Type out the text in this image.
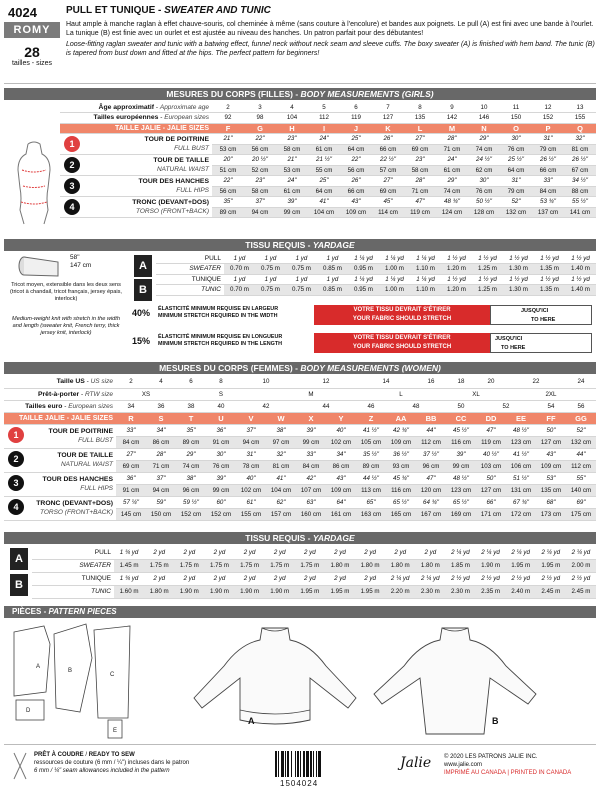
4024
ROMY
28
tailles - sizes
PULL ET TUNIQUE - SWEATER AND TUNIC
Haut ample à manche raglan à effet chauve-souris, col cheminée à même (sans couture à l'encolure) et bandes aux poignets. Le pull (A) est fini avec une bande à l'ourlet. La tunique (B) est finie avec un ourlet et est ajustée au niveau des hanches. Un patron parfait pour des débutantes!
Loose-fitting raglan sweater and tunic with a batwing effect, funnel neck without neck seam and sleeve cuffs. The boxy sweater (A) is finished with hem band. The tunic (B) is tapered from bust down and fitted at the hips. The perfect pattern for beginners!
MESURES DU CORPS (FILLES) - BODY MEASUREMENTS (GIRLS)
Âge approximatif - Approximate age	2	3	4	5	6	7	8	9	10	11	12	13
Tailles européennes - European sizes	92	98	104	112	119	127	135	142	146	150	152	155
TAILLE JALIE - JALIE SIZES	F	G	H	I	J	K	L	M	N	O	P	Q
TOUR DE POITRINE
FULL BUST
1	21"	22"	23"	24"	25"	26"	27"	28"	29"	30"	31"	32"
	53 cm	56 cm	58 cm	61 cm	64 cm	66 cm	69 cm	71 cm	74 cm	76 cm	79 cm	81 cm
TOUR DE TAILLE
NATURAL WAIST
2	20"	20 ½"	21"	21 ½"	22"	22 ½"	23"	24"	24 ½"	25 ½"	26 ½"	26 ½"
	51 cm	52 cm	53 cm	55 cm	56 cm	57 cm	58 cm	61 cm	62 cm	64 cm	66 cm	67 cm
TOUR DES HANCHES
FULL HIPS
3	22"	23"	24"	25"	26"	27"	28"	29"	30"	31"	33"	34 ½"
	56 cm	58 cm	61 cm	64 cm	66 cm	69 cm	71 cm	74 cm	76 cm	79 cm	84 cm	88 cm
TRONC (DEVANT+DOS)
TORSO (FRONT+BACK)
4	35"	37"	39"	41"	43"	45"	47"	48 ¾"	50 ½"	52"	53 ¾"	55 ½"
	89 cm	94 cm	99 cm	104 cm	109 cm	114 cm	119 cm	124 cm	128 cm	132 cm	137 cm	141 cm
TISSU REQUIS - YARDAGE
58"
147 cm
Tricot moyen, extensible dans les deux sens (tricot à chandail, tricot français, jersey épais, interlock)
Medium-weight knit with stretch in the width and length (sweater knit, French terry, thick jersey knit, interlock)
A
B
PULL	1 yd	1 yd	1 yd	1 yd	1 ¼ yd	1 ¼ yd	1 ¼ yd	1 ½ yd	1 ½ yd	1 ½ yd	1 ½ yd	1 ½ yd
SWEATER	0.70 m	0.75 m	0.75 m	0.85 m	0.95 m	1.00 m	1.10 m	1.20 m	1.25 m	1.30 m	1.35 m	1.40 m
TUNIQUE	1 yd	1 yd	1 yd	1 yd	1 ¼ yd	1 ¼ yd	1 ¼ yd	1 ½ yd	1 ½ yd	1 ½ yd	1 ½ yd	1 ½ yd
TUNIC	0.70 m	0.75 m	0.75 m	0.85 m	0.95 m	1.00 m	1.10 m	1.20 m	1.25 m	1.30 m	1.35 m	1.40 m
40% ÉLASTICITÉ MINIMUM REQUISE EN LARGEUR
MINIMUM STRETCH REQUIRED IN THE WIDTH
VOTRE TISSU DEVRAIT S'ÉTIRER
YOUR FABRIC SHOULD STRETCH
JUSQU'ICI
TO HERE
15% ÉLASTICITÉ MINIMUM REQUISE EN LONGUEUR
MINIMUM STRETCH REQUIRED IN THE LENGTH
VOTRE TISSU DEVRAIT S'ÉTIRER
YOUR FABRIC SHOULD STRETCH
JUSQU'ICI
TO HERE
MESURES DU CORPS (FEMMES) - BODY MEASUREMENTS (WOMEN)
Taille US - US size	2	4	6	8	10		12		14		16	18	20	22		24
Prêt-à-porter - RTW size	XS		S			M			L			XL		2XL		
Tailles euro - European sizes	34	36	38	40	42		44		46	48		50	52		54	56
TAILLE JALIE - JALIE SIZES	R	S	T	U	V	W	X	Y	Z	AA	BB	CC	DD	EE	FF	GG
TOUR DE POITRINE
FULL BUST
1	33"	34"	35"	36"	37"	38"	39"	40"	41 ½"	42 ¾"	44"	45 ½"	47"	48 ½"	50"	52"
	84 cm	86 cm	89 cm	91 cm	94 cm	97 cm	99 cm	102 cm	105 cm	109 cm	112 cm	116 cm	119 cm	123 cm	127 cm	132 cm
TOUR DE TAILLE
NATURAL WAIST
2	27"	28"	29"	30"	31"	32"	33"	34"	35 ½"	36 ½"	37 ½"	39"	40 ½"	41 ½"	43"	44"
	69 cm	71 cm	74 cm	76 cm	78 cm	81 cm	84 cm	86 cm	89 cm	93 cm	96 cm	99 cm	103 cm	106 cm	109 cm	112 cm
TOUR DES HANCHES
FULL HIPS
3	36"	37"	38"	39"	40"	41"	42"	43"	44 ½"	45 ¾"	47"	48 ½"	50"	51 ½"	53"	55"
	91 cm	94 cm	96 cm	99 cm	102 cm	104 cm	107 cm	109 cm	113 cm	116 cm	120 cm	123 cm	127 cm	131 cm	135 cm	140 cm
TRONC (DEVANT+DOS)
TORSO (FRONT+BACK)
4	57 ¼"	59"	59 ½"	60"	61"	62"	63"	64"	65"	65 ½"	64 ¾"	65 ½"	66"	67 ¾"	68"	69"
	145 cm	150 cm	152 cm	152 cm	155 cm	157 cm	160 cm	161 cm	163 cm	165 cm	167 cm	169 cm	171 cm	172 cm	173 cm	175 cm
TISSU REQUIS - YARDAGE
A
B
PULL	1 ¾ yd	2 yd	2 yd	2 yd	2 yd	2 yd	2 yd	2 yd	2 yd	2 yd	2 yd	2 ¼ yd	2 ¼ yd	2 ¼ yd	2 ¼ yd	2 ¼ yd
SWEATER	1.45 m	1.75 m	1.75 m	1.75 m	1.75 m	1.75 m	1.75 m	1.80 m	1.80 m	1.80 m	1.80 m	1.85 m	1.90 m	1.95 m	1.95 m	2.00 m
TUNIQUE	1 ¾ yd	2 yd	2 yd	2 yd	2 yd	2 yd	2 yd	2 yd	2 yd	2 ¼ yd	2 ¼ yd	2 ½ yd	2 ½ yd	2 ½ yd	2 ½ yd	2 ½ yd
TUNIC	1.60 m	1.80 m	1.90 m	1.90 m	1.90 m	1.90 m	1.95 m	1.95 m	1.95 m	2.20 m	2.30 m	2.30 m	2.35 m	2.40 m	2.45 m	2.45 m
PIÈCES - PATTERN PIECES
A
B
C
D
E
A	B
PRÊT À COUDRE / READY TO SEW
ressources de couture (6 mm / ¼") incluses dans le patron
6 mm / ¼" seam allowances included in the pattern
1504024
Jalie © 2020 LES PATRONS JALIE INC.
www.jalie.com
IMPRIMÉ AU CANADA | PRINTED IN CANADA
